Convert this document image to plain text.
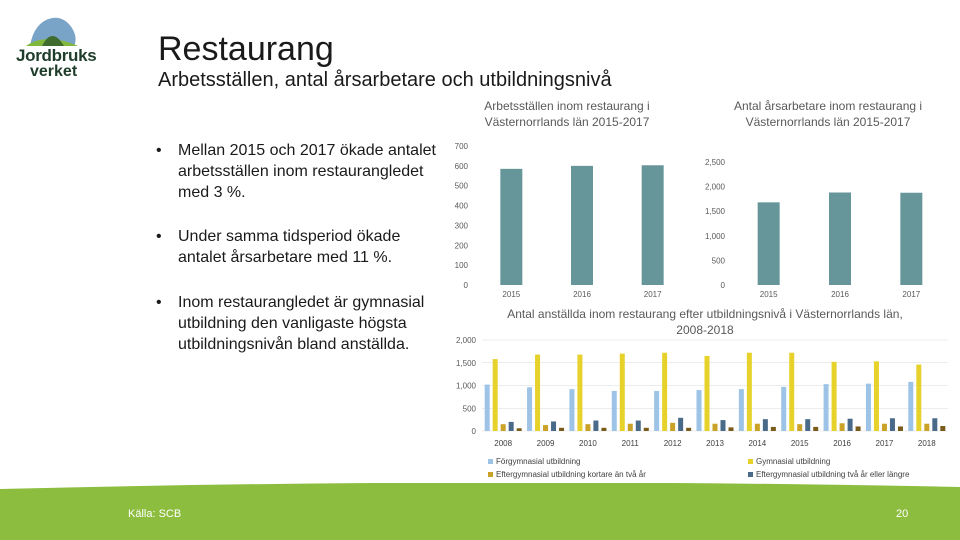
Jordbruks
verket
Restaurang
Arbetsställen, antal årsarbetare och utbildningsnivå
• Mellan 2015 och 2017 ökade antalet arbetsställen inom restaurangledet med 3 %.
• Under samma tidsperiod ökade antalet årsarbetare med 11 %.
• Inom restaurangledet är gymnasial utbildning den vanligaste högsta utbildningsnivån bland anställda.
Arbetsställen inom restaurang i Västernorrlands län 2015-2017
Antal årsarbetare inom restaurang i Västernorrlands län 2015-2017
Antal anställda inom restaurang efter utbildningsnivå i Västernorrlands län, 2008-2018
0
100
200
300
400
500
600
700
2015	2016	2017
0
500
1,000
1,500
2,000
2,500
2015	2016	2017
0
500
1,000
1,500
2,000
2008	2009	2010	2011	2012	2013	2014	2015	2016	2017	2018
Förgymnasial utbildning	Gymnasial utbildning
Eftergymnasial utbildning kortare än två år	Eftergymnasial utbildning två år eller längre
Källa: SCB	20
